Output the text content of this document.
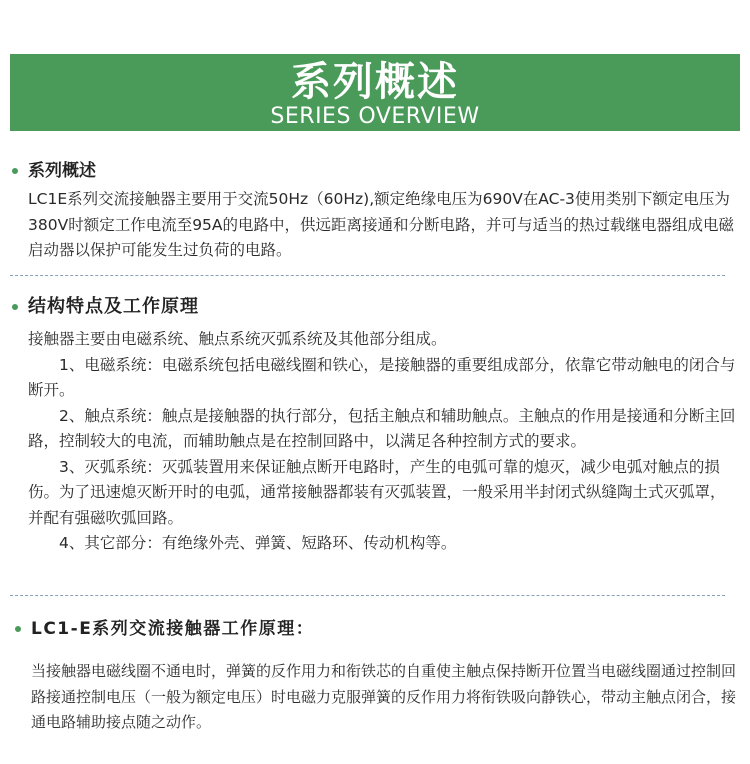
系列概述
SERIES OVERVIEW
系列概述

LC1E系列交流接触器主要用于交流50Hz（60Hz),额定绝缘电压为690V在AC-3使用类别下额定电压为380V时额定工作电流至95A的电路中，供远距离接通和分断电路，并可与适当的热过载继电器组成电磁启动器以保护可能发生过负荷的电路。

结构特点及工作原理

接触器主要由电磁系统、触点系统灭弧系统及其他部分组成。

1、电磁系统：电磁系统包括电磁线圈和铁心，是接触器的重要组成部分，依靠它带动触电的闭合与断开。

2、触点系统：触点是接触器的执行部分，包括主触点和辅助触点。主触点的作用是接通和分断主回路，控制较大的电流，而辅助触点是在控制回路中，以满足各种控制方式的要求。

3、灭弧系统：灭弧装置用来保证触点断开电路时，产生的电弧可靠的熄灭，减少电弧对触点的损伤。为了迅速熄灭断开时的电弧，通常接触器都装有灭弧装置，一般采用半封闭式纵缝陶土式灭弧罩，并配有强磁吹弧回路。

4、其它部分：有绝缘外壳、弹簧、短路环、传动机构等。

LC1-E系列交流接触器工作原理：

当接触器电磁线圈不通电时，弹簧的反作用力和衔铁芯的自重使主触点保持断开位置当电磁线圈通过控制回路接通控制电压（一般为额定电压）时电磁力克服弹簧的反作用力将衔铁吸向静铁心，带动主触点闭合，接通电路辅助接点随之动作。
